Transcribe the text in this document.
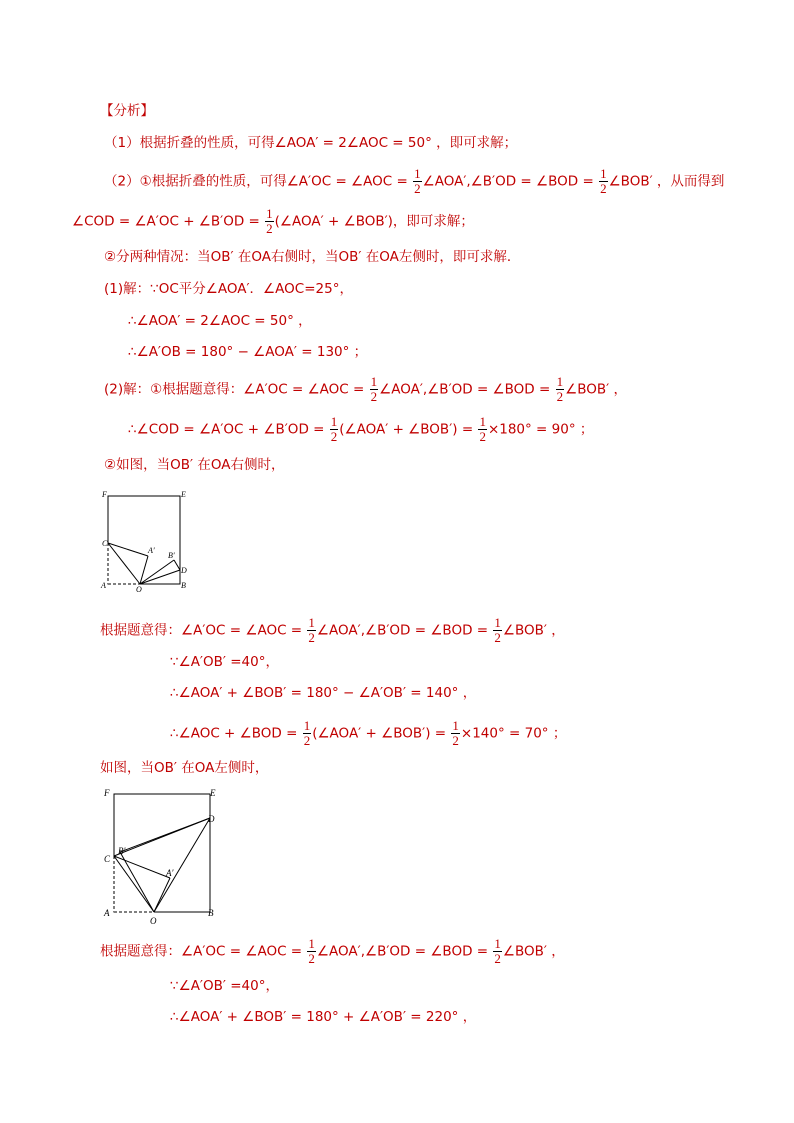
【分析】
（1）根据折叠的性质，可得∠AOA′ = 2∠AOC = 50° ，即可求解；
（2）①根据折叠的性质，可得∠A′OC = ∠AOC = $\frac{1}{2}$ ∠AOA′,∠B′OD = ∠BOD = $\frac{1}{2}$ ∠BOB′ ，从而得到
∠COD = ∠A′OC + ∠B′OD = $\frac{1}{2}$ (∠AOA′ + ∠BOB′)，即可求解；
②分两种情况：当OB′ 在OA右侧时，当OB′ 在OA左侧时，即可求解．
(1)解：∵OC平分∠AOA′．∠AOC=25°，
∴∠AOA′ = 2∠AOC = 50° ，
∴∠A′OB = 180° − ∠AOA′ = 130° ；
(2)解：①根据题意得：∠A′OC = ∠AOC = $\frac{1}{2}$ ∠AOA′,∠B′OD = ∠BOD = $\frac{1}{2}$ ∠BOB′ ，
∴∠COD = ∠A′OC + ∠B′OD = $\frac{1}{2}$ (∠AOA′ + ∠BOB′) = $\frac{1}{2} \times 180^\circ = 90^\circ$ ；
②如图，当OB′ 在OA右侧时，
F	E
C
A′
B′
D
A	O	B
根据题意得：∠A′OC = ∠AOC = $\frac{1}{2}$ ∠AOA′,∠B′OD = ∠BOD = $\frac{1}{2}$ ∠BOB′ ，
∵∠A′OB′ =40°，
∴∠AOA′ + ∠BOB′ = 180° − ∠A′OB′ = 140° ，
∴∠AOC + ∠BOD = $\frac{1}{2}$ (∠AOA′ + ∠BOB′) = $\frac{1}{2} \times 140^\circ = 70^\circ$ ；
如图，当OB′ 在OA左侧时，
F	E
D
B′
C
A′
A
O
B
根据题意得：∠A′OC = ∠AOC = $\frac{1}{2}$ ∠AOA′,∠B′OD = ∠BOD = $\frac{1}{2}$ ∠BOB′ ，
∵∠A′OB′ =40°，
∴∠AOA′ + ∠BOB′ = 180° + ∠A′OB′ = 220° ，
